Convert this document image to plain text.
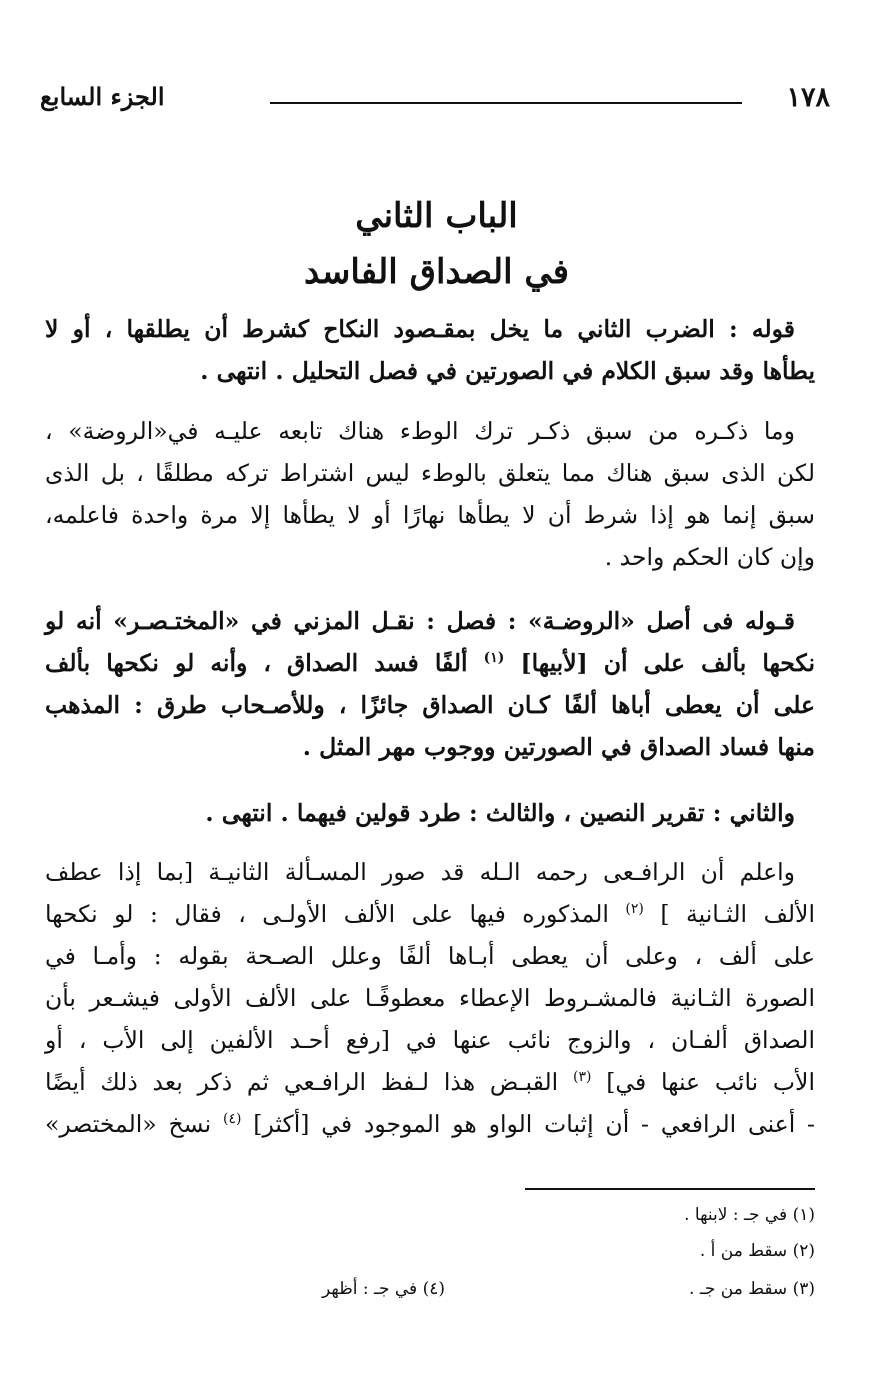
١٧٨
الجزء السابع
الباب الثاني
في الصداق الفاسد
قوله : الضرب الثاني ما يخل بمقـصود النكاح كشرط أن يطلقها ، أو لا
يطأها وقد سبق الكلام في الصورتين في فصل التحليل . انتهى .
وما ذكـره من سبق ذكـر ترك الوطء هناك تابعه عليـه في«الروضة» ،
لكن الذى سبق هناك مما يتعلق بالوطء ليس اشتراط تركه مطلقًا ، بل الذى
سبق إنما هو إذا شرط أن لا يطأها نهارًا أو لا يطأها إلا مرة واحدة فاعلمه،
وإن كان الحكم واحد .
قـوله فى أصل «الروضـة» : فصل : نقـل المزني في «المختـصـر» أنه لو
نكحها بألف على أن [لأبيها] $^{(١)}$ ألفًا فسد الصداق ، وأنه لو نكحها بألف
على أن يعطى أباها ألفًا كـان الصداق جائزًا ، وللأصـحاب طرق : المذهب
منها فساد الصداق في الصورتين ووجوب مهر المثل .
والثاني : تقرير النصين ، والثالث : طرد قولين فيهما . انتهى .
واعلم أن الرافـعى رحمه الـله قد صور المسـألة الثانيـة [بما إذا عطف
الألف الثـانية ] $^{(٢)}$ المذكوره فيها على الألف الأولـى ، فقال : لو نكحها
على ألف ، وعلى أن يعطى أبـاها ألفًا وعلل الصـحة بقوله : وأمـا في
الصورة الثـانية فالمشـروط الإعطاء معطوفًـا على الألف الأولى فيشـعر بأن
الصداق ألفـان ، والزوج نائب عنها في [رفع أحـد الألفين إلى الأب ، أو
الأب نائب عنها في] $^{(٣)}$ القبـض هذا لـفظ الرافـعي ثم ذكر بعد ذلك أيضًا
- أعنى الرافعي - أن إثبات الواو هو الموجود في [أكثر] $^{(٤)}$ نسخ «المختصر»
(١) في جـ : لابنها .
(٢) سقط من أ .
(٣) سقط من جـ .
(٤) في جـ : أظهر
